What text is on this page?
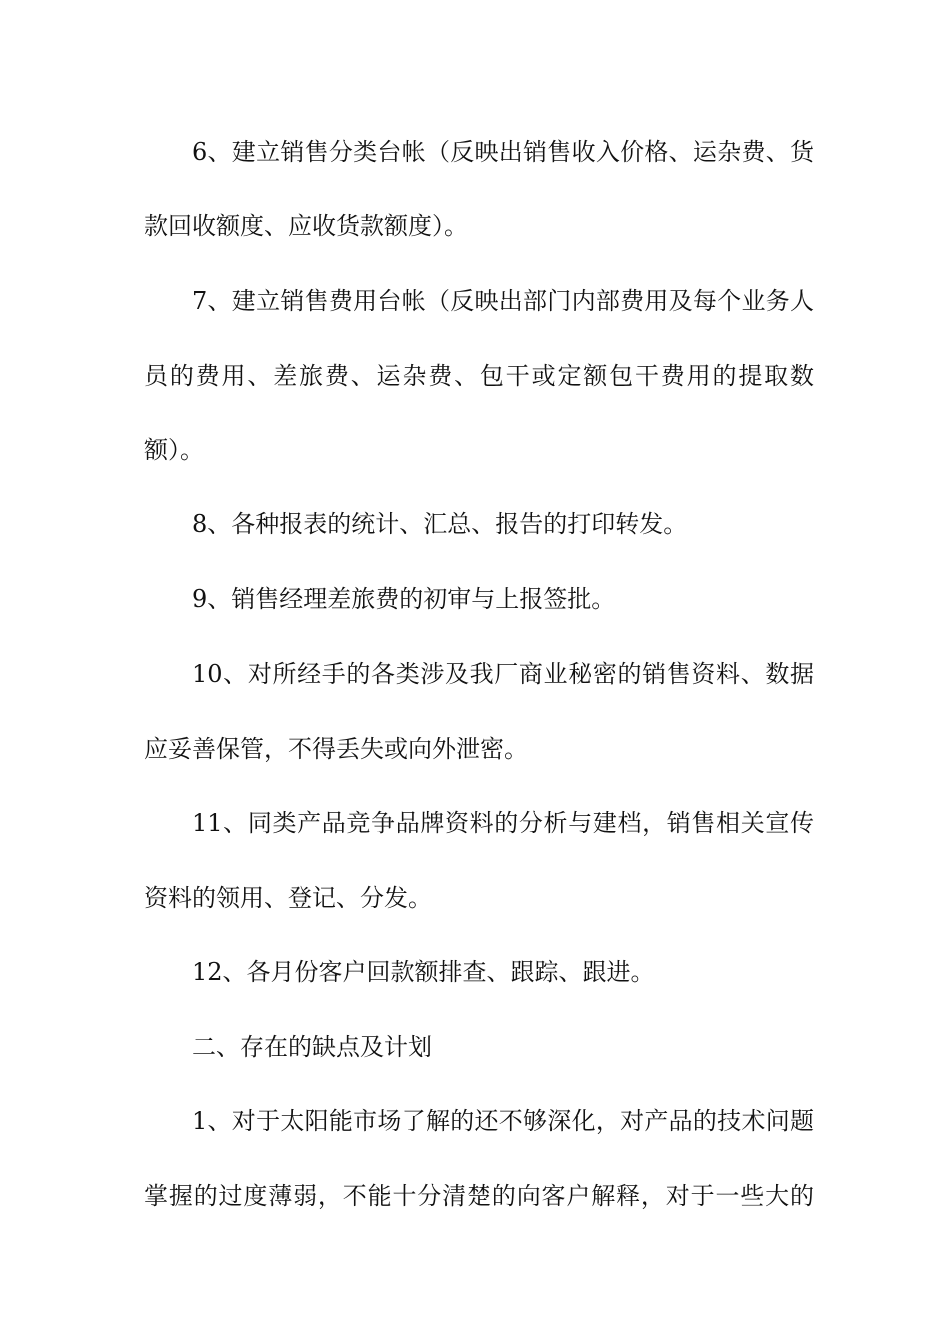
6、建立销售分类台帐（反映出销售收入价格、运杂费、货
款回收额度、应收货款额度）。
7、建立销售费用台帐（反映出部门内部费用及每个业务人
员的费用、差旅费、运杂费、包干或定额包干费用的提取数
额）。
8、各种报表的统计、汇总、报告的打印转发。
9、销售经理差旅费的初审与上报签批。
10、对所经手的各类涉及我厂商业秘密的销售资料、数据
应妥善保管，不得丢失或向外泄密。
11、同类产品竞争品牌资料的分析与建档，销售相关宣传
资料的领用、登记、分发。
12、各月份客户回款额排查、跟踪、跟进。
二、存在的缺点及计划
1、对于太阳能市场了解的还不够深化，对产品的技术问题
掌握的过度薄弱，不能十分清楚的向客户解释，对于一些大的
